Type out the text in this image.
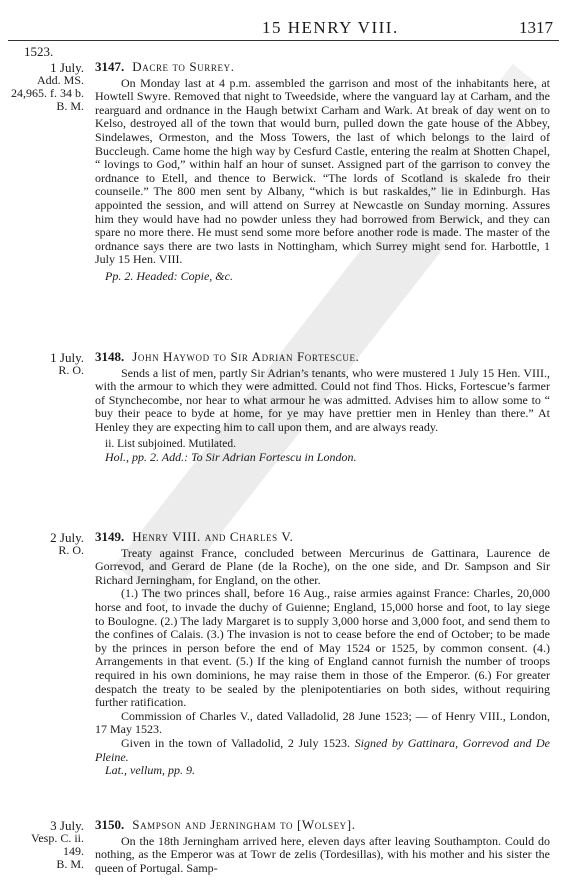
15 HENRY VIII.	1317
1523.
1 July.
Add. MS.
24,965. f. 34 b.
B. M.
3147. Dacre to Surrey.

On Monday last at 4 p.m. assembled the garrison and most of the inhabitants here, at Howtell Swyre. Removed that night to Tweedside, where the vanguard lay at Carham, and the rearguard and ordnance in the Haugh betwixt Carham and Wark. At break of day went on to Kelso, destroyed all of the town that would burn, pulled down the gate house of the Abbey, Sindelawes, Ormeston, and the Moss Towers, the last of which belongs to the laird of Buccleugh. Came home the high way by Cesfurd Castle, entering the realm at Shotten Chapel, “ lovings to God,” within half an hour of sunset. Assigned part of the garrison to convey the ordnance to Etell, and thence to Berwick. “The lords of Scotland is skalede fro their counseile.” The 800 men sent by Albany, “which is but raskaldes,” lie in Edinburgh. Has appointed the session, and will attend on Surrey at Newcastle on Sunday morning. Assures him they would have had no powder unless they had borrowed from Berwick, and they can spare no more there. He must send some more before another rode is made. The master of the ordnance says there are two lasts in Nottingham, which Surrey might send for. Harbottle, 1 July 15 Hen. VIII.

Pp. 2. Headed: Copie, &c.

1 July.
R. O.
3148. John Haywod to Sir Adrian Fortescue.

Sends a list of men, partly Sir Adrian’s tenants, who were mustered 1 July 15 Hen. VIII., with the armour to which they were admitted. Could not find Thos. Hicks, Fortescue’s farmer of Stynchecombe, nor hear to what armour he was admitted. Advises him to allow some to “ buy their peace to byde at home, for ye may have prettier men in Henley than there.” At Henley they are expecting him to call upon them, and are always ready.

ii. List subjoined. Mutilated.

Hol., pp. 2. Add.: To Sir Adrian Fortescu in London.

2 July.
R. O.
3149. Henry VIII. and Charles V.

Treaty against France, concluded between Mercurinus de Gattinara, Laurence de Gorrevod, and Gerard de Plane (de la Roche), on the one side, and Dr. Sampson and Sir Richard Jerningham, for England, on the other.

(1.) The two princes shall, before 16 Aug., raise armies against France: Charles, 20,000 horse and foot, to invade the duchy of Guienne; England, 15,000 horse and foot, to lay siege to Boulogne. (2.) The lady Margaret is to supply 3,000 horse and 3,000 foot, and send them to the confines of Calais. (3.) The invasion is not to cease before the end of October; to be made by the princes in person before the end of May 1524 or 1525, by common consent. (4.) Arrangements in that event. (5.) If the king of England cannot furnish the number of troops required in his own dominions, he may raise them in those of the Emperor. (6.) For greater despatch the treaty to be sealed by the plenipotentiaries on both sides, without requiring further ratification.

Commission of Charles V., dated Valladolid, 28 June 1523; — of Henry VIII., London, 17 May 1523.

Given in the town of Valladolid, 2 July 1523. Signed by Gattinara, Gorrevod and De Pleine.

Lat., vellum, pp. 9.

3 July.
Vesp. C. ii.
149.
B. M.
3150. Sampson and Jerningham to [Wolsey].

On the 18th Jerningham arrived here, eleven days after leaving Southampton. Could do nothing, as the Emperor was at Towr de zelis (Tordesillas), with his mother and his sister the queen of Portugal. Samp-
